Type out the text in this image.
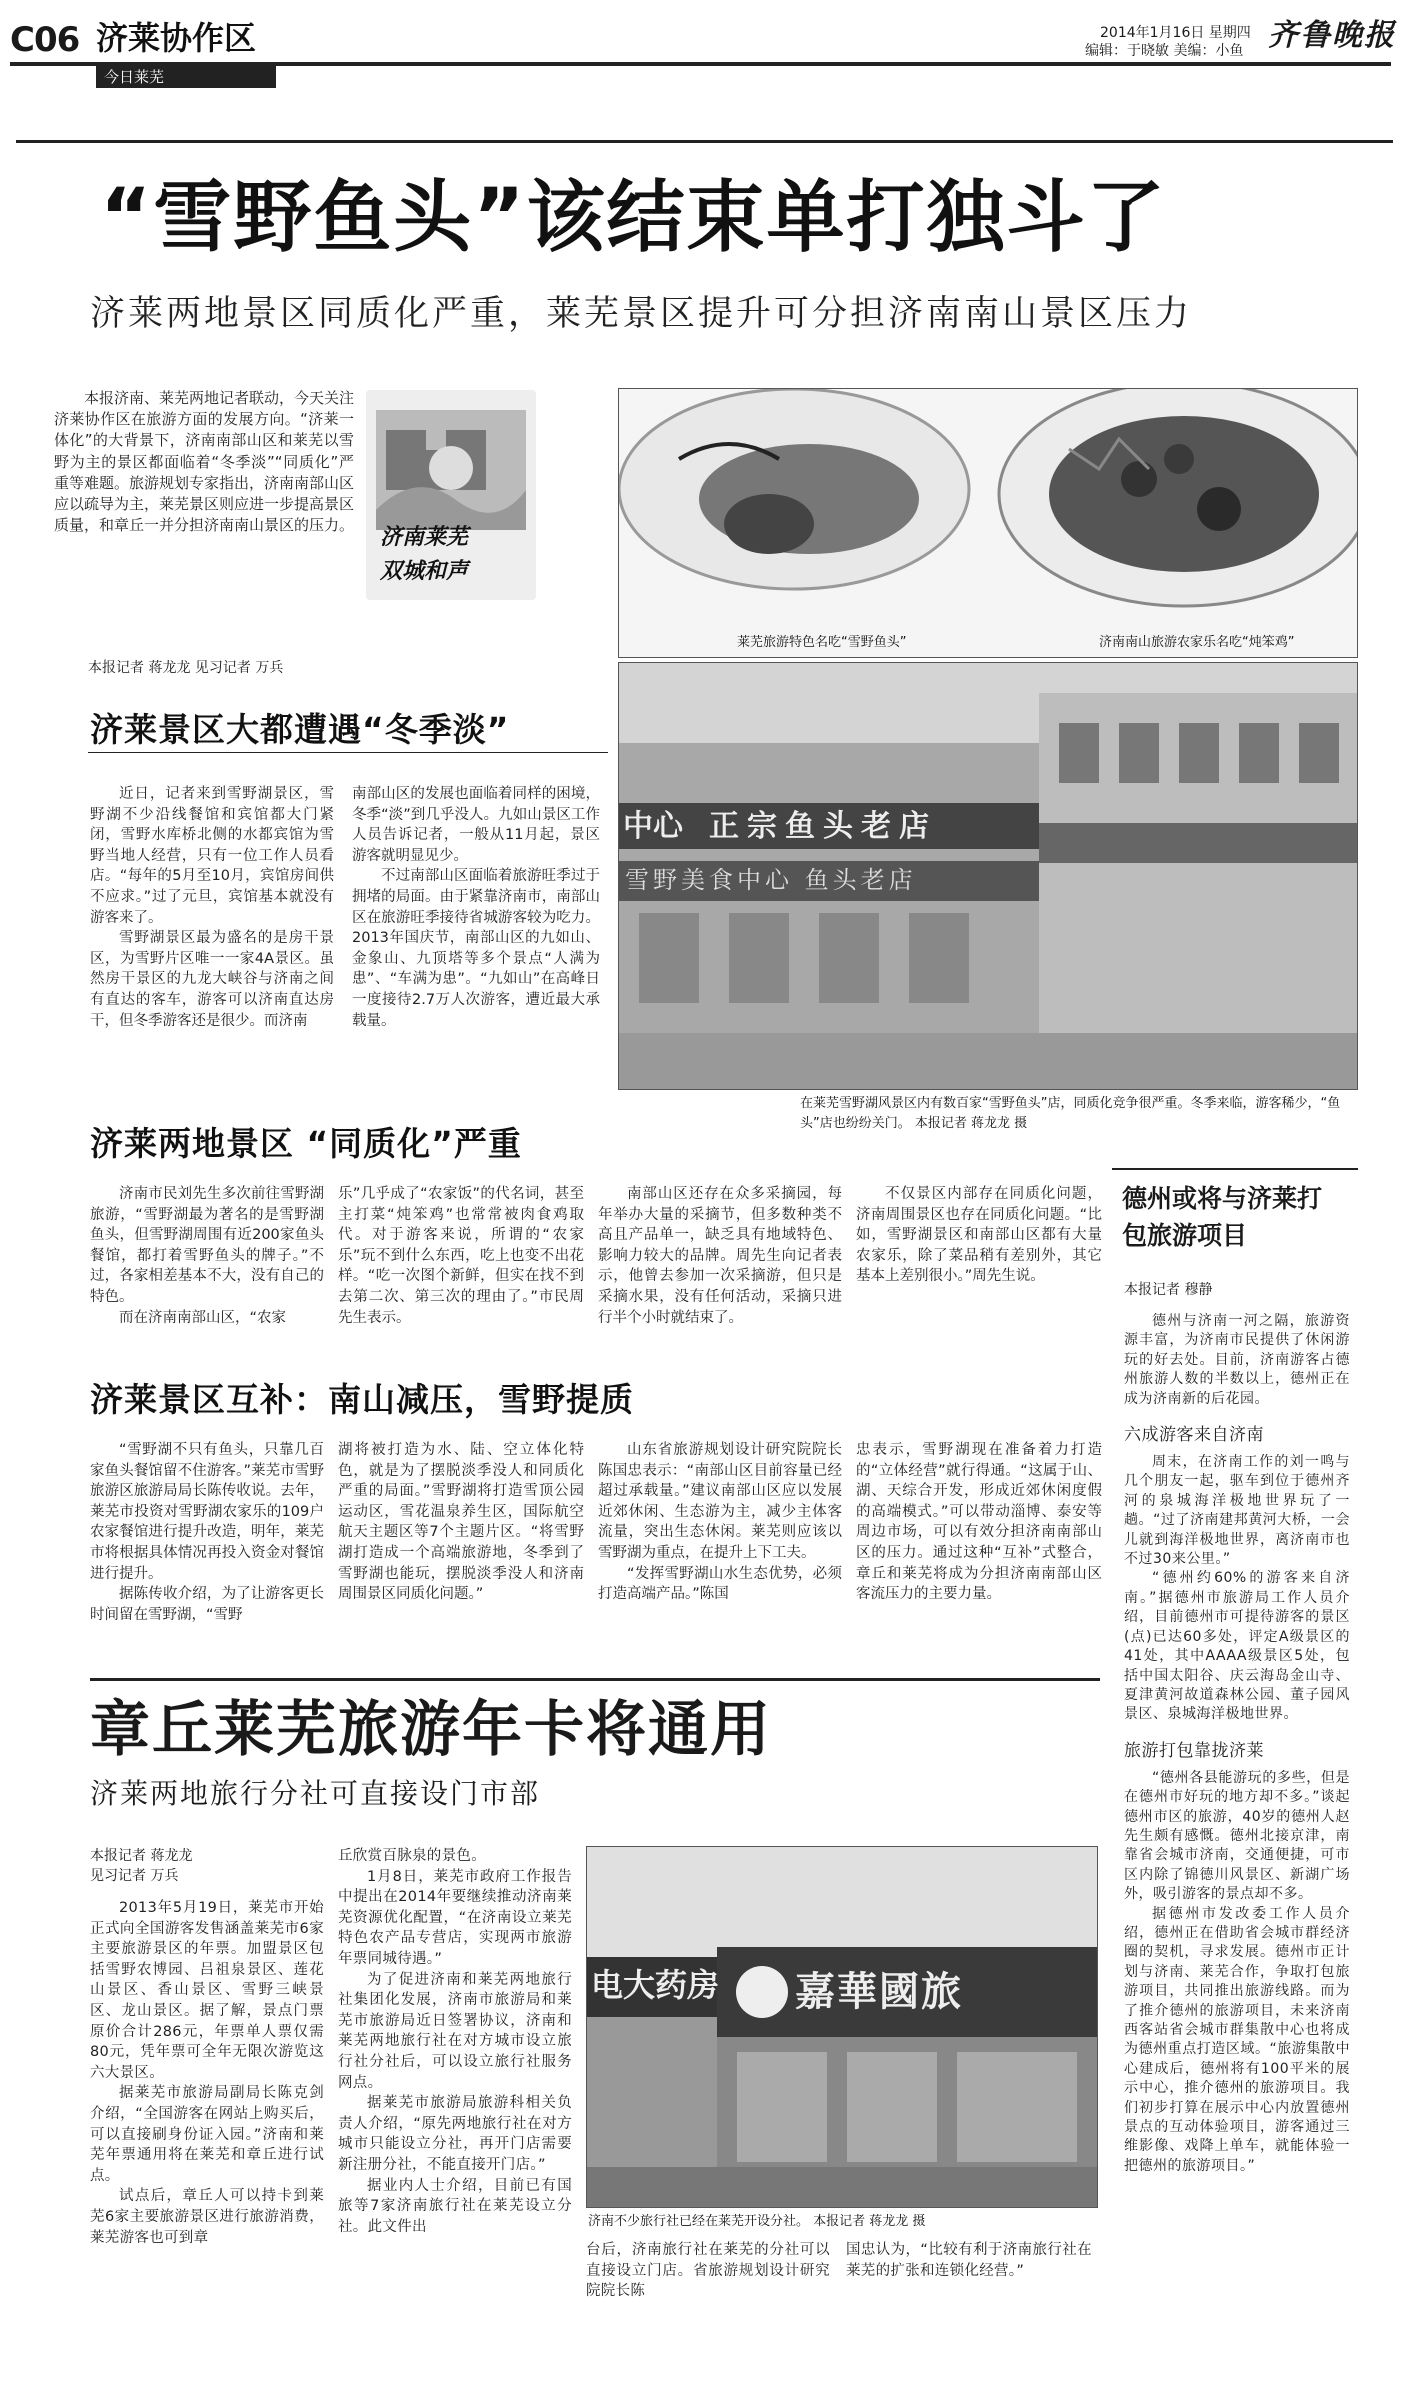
C06 济莱协作区
今日莱芜
2014年1月16日 星期四
编辑：于晓敏 美编：小鱼 齐鲁晚报
“雪野鱼头”该结束单打独斗了
济莱两地景区同质化严重，莱芜景区提升可分担济南南山景区压力

本报济南、莱芜两地记者联动，今天关注济莱协作区在旅游方面的发展方向。“济莱一体化”的大背景下，济南南部山区和莱芜以雪野为主的景区都面临着“冬季淡”“同质化”严重等难题。旅游规划专家指出，济南南部山区应以疏导为主，莱芜景区则应进一步提高景区质量，和章丘一并分担济南南山景区的压力。 济南莱芜 双城和声
本报记者 蒋龙龙 见习记者 万兵
莱芜旅游特色名吃“雪野鱼头”	济南南山旅游农家乐名吃“炖笨鸡”
正宗鱼头老店
中心
雪野美食中心 鱼头老店
在莱芜雪野湖风景区内有数百家“雪野鱼头”店，同质化竞争很严重。冬季来临，游客稀少，“鱼头”店也纷纷关门。 本报记者 蒋龙龙 摄
济莱景区大都遭遇“冬季淡”

近日，记者来到雪野湖景区，雪野湖不少沿线餐馆和宾馆都大门紧闭，雪野水库桥北侧的水都宾馆为雪野当地人经营，只有一位工作人员看店。“每年的5月至10月，宾馆房间供不应求。”过了元旦，宾馆基本就没有游客来了。

雪野湖景区最为盛名的是房干景区，为雪野片区唯一一家4A景区。虽然房干景区的九龙大峡谷与济南之间有直达的客车，游客可以济南直达房干，但冬季游客还是很少。而济南

南部山区的发展也面临着同样的困境，冬季“淡”到几乎没人。九如山景区工作人员告诉记者，一般从11月起，景区游客就明显见少。

不过南部山区面临着旅游旺季过于拥堵的局面。由于紧靠济南市，南部山区在旅游旺季接待省城游客较为吃力。2013年国庆节，南部山区的九如山、金象山、九顶塔等多个景点“人满为患”、“车满为患”。“九如山”在高峰日一度接待2.7万人次游客，遭近最大承载量。

济莱两地景区 “同质化”严重

济南市民刘先生多次前往雪野湖旅游，“雪野湖最为著名的是雪野湖鱼头，但雪野湖周围有近200家鱼头餐馆，都打着雪野鱼头的牌子。”不过，各家相差基本不大，没有自己的特色。

而在济南南部山区，“农家

乐”几乎成了“农家饭”的代名词，甚至主打菜“炖笨鸡”也常常被肉食鸡取代。对于游客来说，所谓的“农家乐”玩不到什么东西，吃上也变不出花样。“吃一次图个新鲜，但实在找不到去第二次、第三次的理由了。”市民周先生表示。

南部山区还存在众多采摘园，每年举办大量的采摘节，但多数种类不高且产品单一，缺乏具有地域特色、影响力较大的品牌。周先生向记者表示，他曾去参加一次采摘游，但只是采摘水果，没有任何活动，采摘只进行半个小时就结束了。

不仅景区内部存在同质化问题，济南周围景区也存在同质化问题。“比如，雪野湖景区和南部山区都有大量农家乐，除了菜品稍有差别外，其它基本上差别很小。”周先生说。

济莱景区互补：南山减压，雪野提质

“雪野湖不只有鱼头，只靠几百家鱼头餐馆留不住游客。”莱芜市雪野旅游区旅游局局长陈传收说。去年，莱芜市投资对雪野湖农家乐的109户农家餐馆进行提升改造，明年，莱芜市将根据具体情况再投入资金对餐馆进行提升。

据陈传收介绍，为了让游客更长时间留在雪野湖，“雪野

湖将被打造为水、陆、空立体化特色，就是为了摆脱淡季没人和同质化严重的局面。”雪野湖将打造雪顶公园运动区，雪花温泉养生区，国际航空航天主题区等7个主题片区。“将雪野湖打造成一个高端旅游地，冬季到了雪野湖也能玩，摆脱淡季没人和济南周围景区同质化问题。”

山东省旅游规划设计研究院院长陈国忠表示：“南部山区目前容量已经超过承载量。”建议南部山区应以发展近郊休闲、生态游为主，减少主体客流量，突出生态休闲。莱芜则应该以雪野湖为重点，在提升上下工夫。

“发挥雪野湖山水生态优势，必须打造高端产品。”陈国

忠表示，雪野湖现在准备着力打造的“立体经营”就行得通。“这属于山、湖、天综合开发，形成近郊休闲度假的高端模式。”可以带动淄博、泰安等周边市场，可以有效分担济南南部山区的压力。通过这种“互补”式整合，章丘和莱芜将成为分担济南南部山区客流压力的主要力量。

德州或将与济莱打包旅游项目
本报记者 穆静

德州与济南一河之隔，旅游资源丰富，为济南市民提供了休闲游玩的好去处。目前，济南游客占德州旅游人数的半数以上，德州正在成为济南新的后花园。

六成游客来自济南

周末，在济南工作的刘一鸣与几个朋友一起，驱车到位于德州齐河的泉城海洋极地世界玩了一趟。“过了济南建邦黄河大桥，一会儿就到海洋极地世界，离济南市也不过30来公里。”

“德州约60%的游客来自济南。”据德州市旅游局工作人员介绍，目前德州市可提待游客的景区(点)已达60多处，评定A级景区的41处，其中AAAA级景区5处，包括中国太阳谷、庆云海岛金山寺、夏津黄河故道森林公园、董子园风景区、泉城海洋极地世界。

旅游打包靠拢济莱

“德州各县能游玩的多些，但是在德州市好玩的地方却不多。”谈起德州市区的旅游，40岁的德州人赵先生颇有感慨。德州北接京津，南靠省会城市济南，交通便捷，可市区内除了锦德川风景区、新湖广场外，吸引游客的景点却不多。

据德州市发改委工作人员介绍，德州正在借助省会城市群经济圈的契机，寻求发展。德州市正计划与济南、莱芜合作，争取打包旅游项目，共同推出旅游线路。而为了推介德州的旅游项目，未来济南西客站省会城市群集散中心也将成为德州重点打造区域。“旅游集散中心建成后，德州将有100平米的展示中心，推介德州的旅游项目。我们初步打算在展示中心内放置德州景点的互动体验项目，游客通过三维影像、戏降上单车，就能体验一把德州的旅游项目。”

章丘莱芜旅游年卡将通用
济莱两地旅行分社可直接设门市部
本报记者 蒋龙龙
见习记者 万兵

2013年5月19日，莱芜市开始正式向全国游客发售涵盖莱芜市6家主要旅游景区的年票。加盟景区包括雪野农博园、吕祖泉景区、莲花山景区、香山景区、雪野三峡景区、龙山景区。据了解，景点门票原价合计286元，年票单人票仅需80元，凭年票可全年无限次游览这六大景区。

据莱芜市旅游局副局长陈克剑介绍，“全国游客在网站上购买后，可以直接刷身份证入园。”济南和莱芜年票通用将在莱芜和章丘进行试点。

试点后，章丘人可以持卡到莱芜6家主要旅游景区进行旅游消费，莱芜游客也可到章

丘欣赏百脉泉的景色。

1月8日，莱芜市政府工作报告中提出在2014年要继续推动济南莱芜资源优化配置，“在济南设立莱芜特色农产品专营店，实现两市旅游年票同城待遇。”

为了促进济南和莱芜两地旅行社集团化发展，济南市旅游局和莱芜市旅游局近日签署协议，济南和莱芜两地旅行社在对方城市设立旅行社分社后，可以设立旅行社服务网点。

据莱芜市旅游局旅游科相关负责人介绍，“原先两地旅行社在对方城市只能设立分社，再开门店需要新注册分社，不能直接开门店。”

据业内人士介绍，目前已有国旅等7家济南旅行社在莱芜设立分社。此文件出

电大药房 嘉華國旅
济南不少旅行社已经在莱芜开设分社。 本报记者 蒋龙龙 摄

台后，济南旅行社在莱芜的分社可以直接设立门店。省旅游规划设计研究院院长陈

国忠认为，“比较有利于济南旅行社在莱芜的扩张和连锁化经营。”
